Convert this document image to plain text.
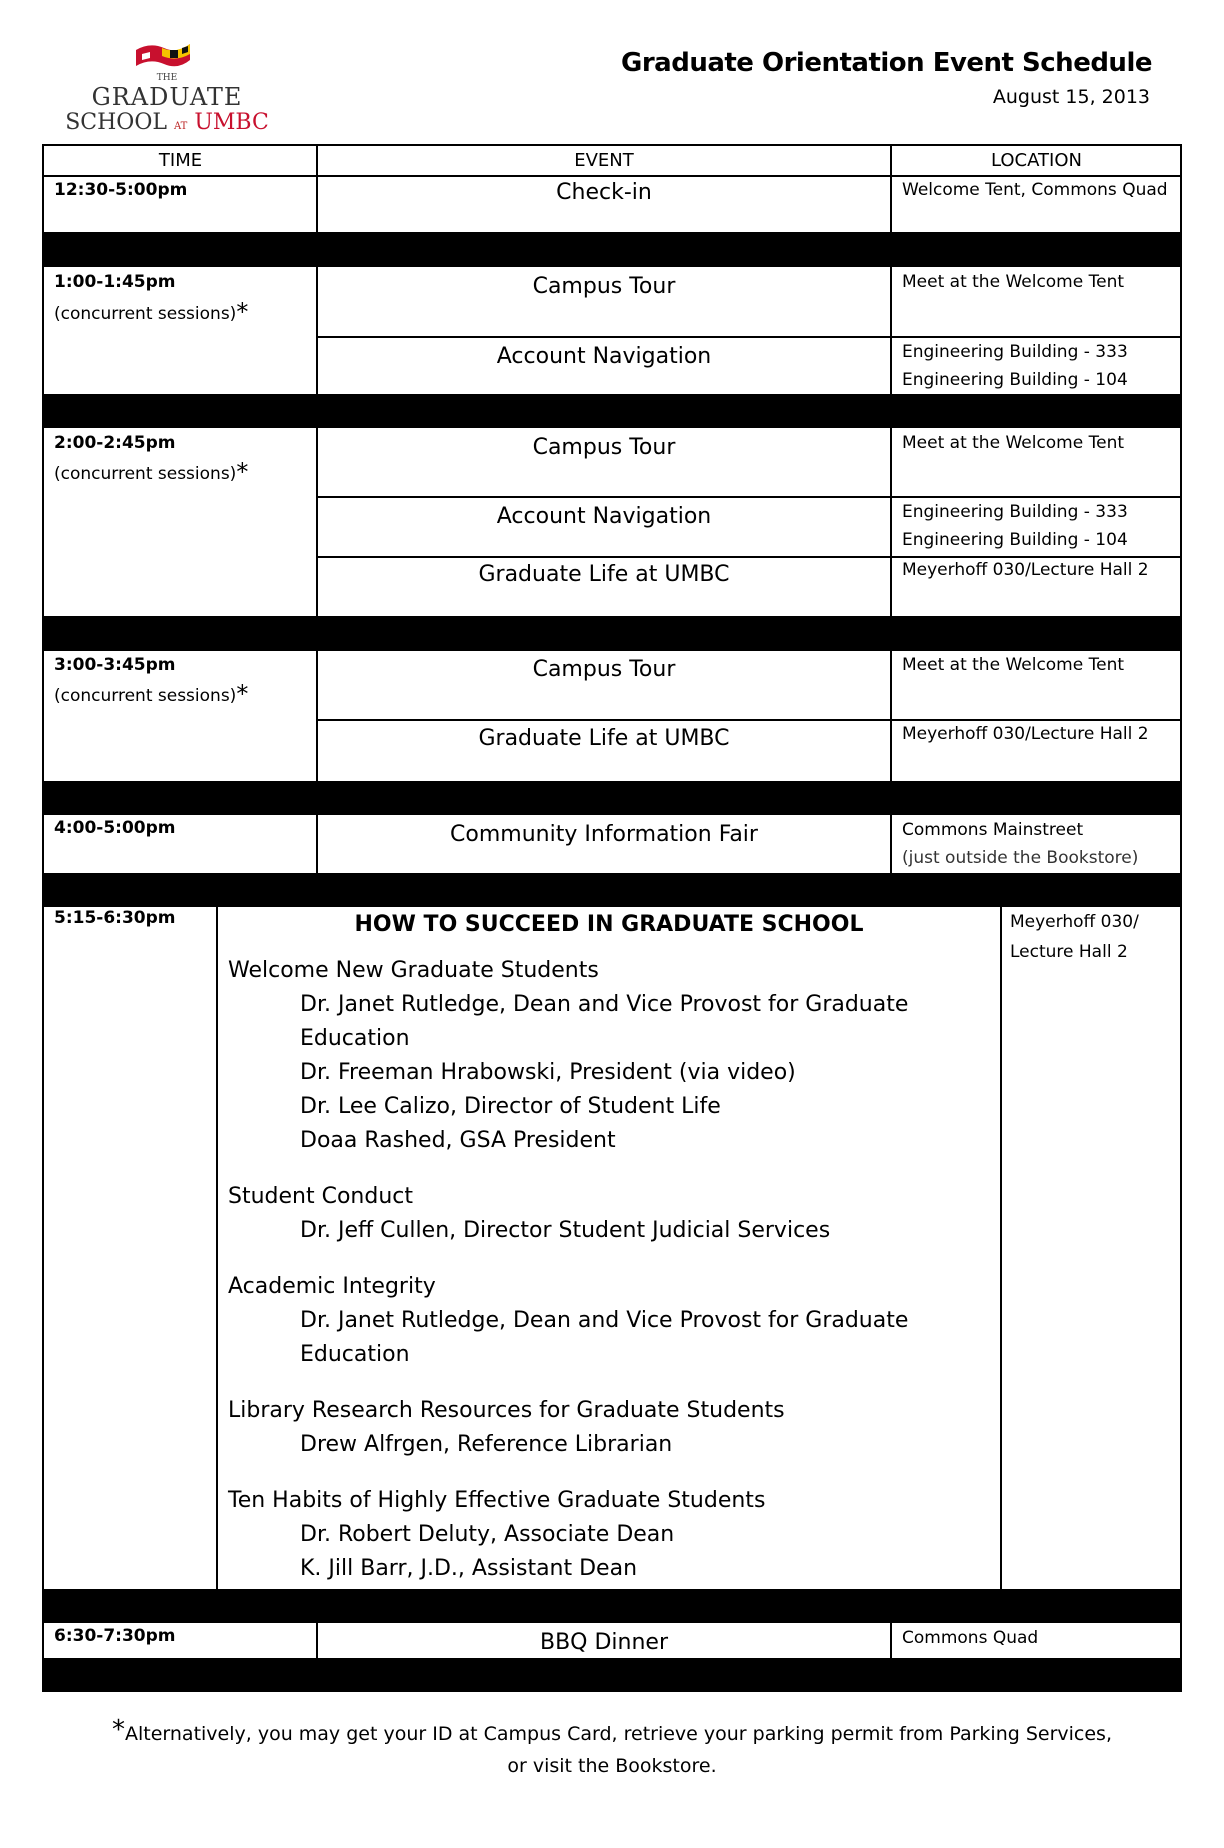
THE
GRADUATE
SCHOOL AT UMBC
Graduate Orientation Event Schedule
August 15, 2013
TIME	EVENT	LOCATION
12:30-5:00pm	Check-in	Welcome Tent, Commons Quad
1:00-1:45pm
(concurrent sessions)*
Campus Tour	Meet at the Welcome Tent
Account Navigation	Engineering Building - 333
Engineering Building - 104
2:00-2:45pm
(concurrent sessions)*
Campus Tour	Meet at the Welcome Tent
Account Navigation	Engineering Building - 333
Engineering Building - 104
Graduate Life at UMBC	Meyerhoff 030/Lecture Hall 2
3:00-3:45pm
(concurrent sessions)*
Campus Tour	Meet at the Welcome Tent
Graduate Life at UMBC	Meyerhoff 030/Lecture Hall 2
4:00-5:00pm	Community Information Fair	Commons Mainstreet
(just outside the Bookstore)
5:15-6:30pm	HOW TO SUCCEED IN GRADUATE SCHOOL	Meyerhoff 030/
Lecture Hall 2
Welcome New Graduate Students
Dr. Janet Rutledge, Dean and Vice Provost for Graduate Education
Dr. Freeman Hrabowski, President (via video)
Dr. Lee Calizo, Director of Student Life
Doaa Rashed, GSA President
Student Conduct
Dr. Jeff Cullen, Director Student Judicial Services
Academic Integrity
Dr. Janet Rutledge, Dean and Vice Provost for Graduate Education
Library Research Resources for Graduate Students
Drew Alfrgen, Reference Librarian
Ten Habits of Highly Effective Graduate Students
Dr. Robert Deluty, Associate Dean
K. Jill Barr, J.D., Assistant Dean
6:30-7:30pm	BBQ Dinner	Commons Quad
*Alternatively, you may get your ID at Campus Card, retrieve your parking permit from Parking Services,
or visit the Bookstore.
